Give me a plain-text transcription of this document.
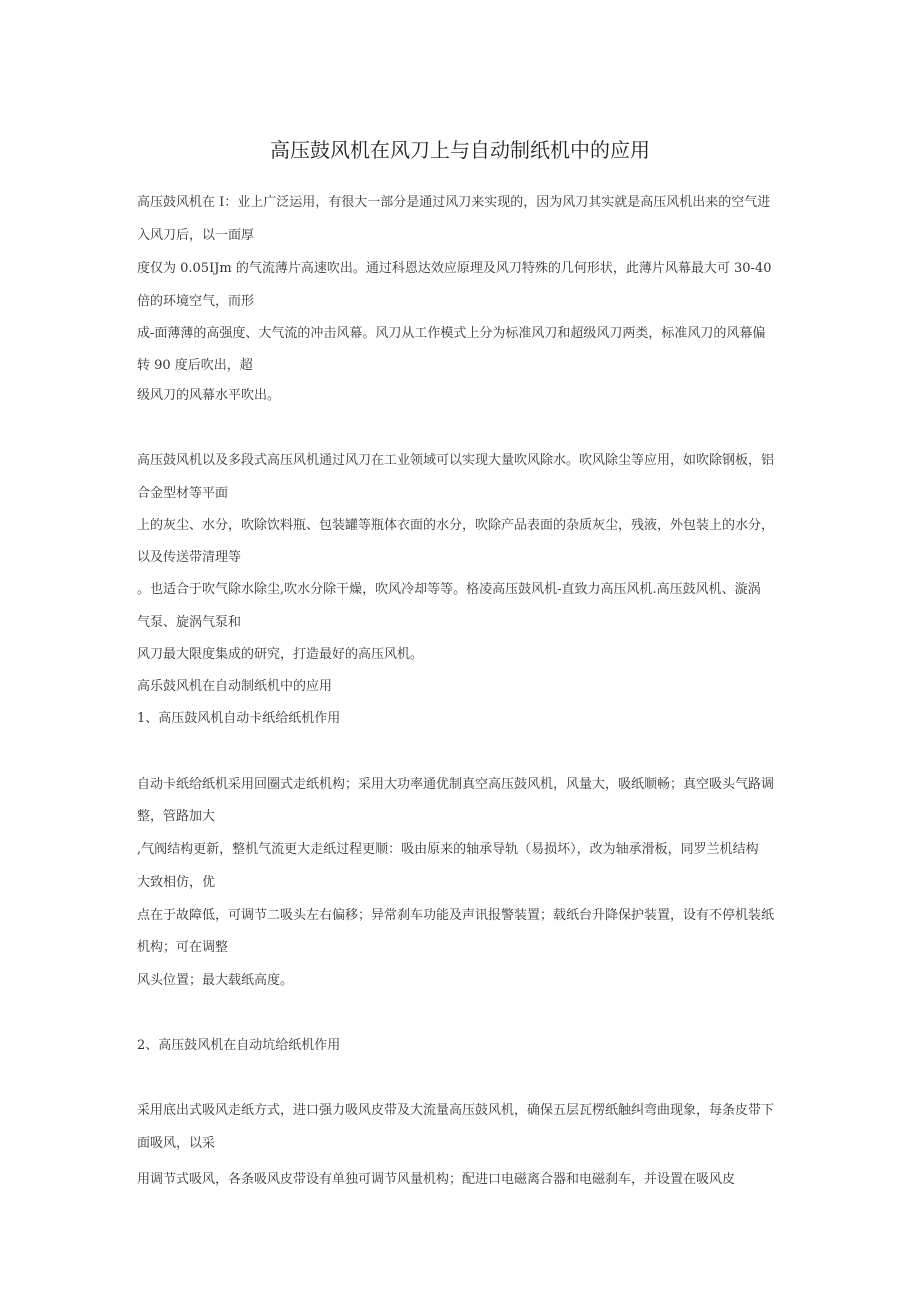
高压鼓风机在风刀上与自动制纸机中的应用
高压鼓风机在 I：业上广泛运用，有很大一部分是通过风刀来实现的，因为风刀其实就是高压风机出来的空气进
入风刀后，以一面厚
度仅为 0.05IJm 的气流薄片高速吹出。通过科恩达效应原理及风刀特殊的几何形状，此薄片风幕最大可 30-40
倍的环境空气，而形
成-面薄薄的高强度、大气流的冲击风幕。风刀从工作模式上分为标准风刀和超级风刀两类，标准风刀的风幕偏
转 90 度后吹出，超
级风刀的风幕水平吹出。
高压鼓风机以及多段式高压风机通过风刀在工业领域可以实现大量吹风除水。吹风除尘等应用，如吹除钢板，铝
合金型材等平面
上的灰尘、水分，吹除饮料瓶、包装罐等瓶体衣面的水分，吹除产品表面的杂质灰尘，残液，外包装上的水分，
以及传送带清理等
。也适合于吹气除水除尘,吹水分除干燥，吹风冷却等等。格凌高压鼓风机-直致力高压风机.高压鼓风机、漩涡
气泵、旋涡气泵和
风刀最大限度集成的研究，打造最好的高压风机。
高乐鼓风机在自动制纸机中的应用
1、高压鼓风机自动卡纸给纸机作用
自动卡纸给纸机采用回圈式走纸机构；采用大功率通优制真空高压鼓风机，风量大，吸纸顺畅；真空吸头气路调
整，管路加大
,气阀结构更新，整机气流更大走纸过程更顺：吸由原来的轴承导轨（易损坏），改为轴承滑板，同罗兰机结构
大致相仿，优
点在于故障低，可调节二吸头左右偏移；异常刹车功能及声讯报警装置；载纸台升降保护装置，设有不停机装纸
机构；可在调整
风头位置；最大载纸高度。
2、高压鼓风机在自动坑给纸机作用
采用底出式吸风走纸方式，进口强力吸风皮带及大流量高压鼓风机，确保五层瓦楞纸触纠弯曲现象，每条皮带下
面吸风，以采
用调节式吸风，各条吸风皮带设有单独可调节风量机构；配进口电磁离合器和电磁刹车，并设置在吸风皮
